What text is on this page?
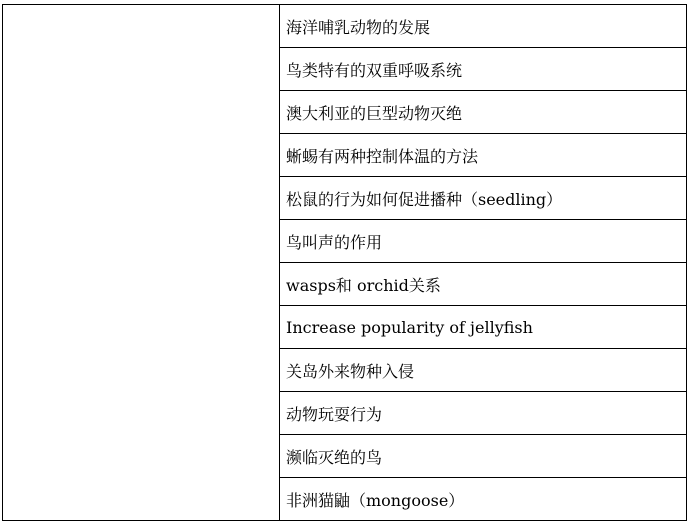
	海洋哺乳动物的发展
鸟类特有的双重呼吸系统
澳大利亚的巨型动物灭绝
蜥蜴有两种控制体温的方法
松鼠的行为如何促进播种（seedling）
鸟叫声的作用
wasps和 orchid关系
Increase popularity of jellyfish
关岛外来物种入侵
动物玩耍行为
濒临灭绝的鸟
非洲猫鼬（mongoose）
